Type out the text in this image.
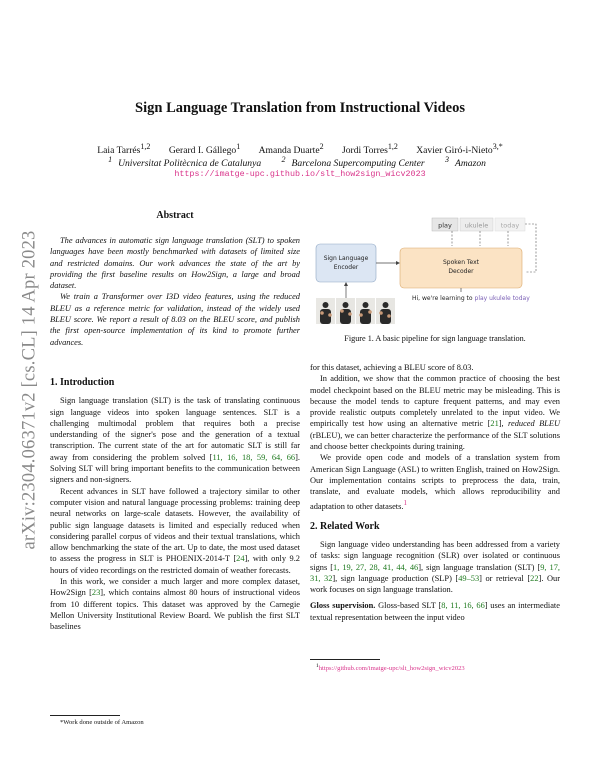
arXiv:2304.06371v2 [cs.CL] 14 Apr 2023
Sign Language Translation from Instructional Videos
Laia Tarrés$^{1,2}$ Gerard I. Gállego$^1$ Amanda Duarte$^2$ Jordi Torres$^{1,2}$ Xavier Giró-i-Nieto$^{3,*}$
$^1$ Universitat Politècnica de Catalunya	$^2$ Barcelona Supercomputing Center	$^3$ Amazon
https://imatge-upc.github.io/slt_how2sign_wicv2023
Abstract

The advances in automatic sign language translation (SLT) to spoken languages have been mostly benchmarked with datasets of limited size and restricted domains. Our work advances the state of the art by providing the first baseline results on How2Sign, a large and broad dataset.

We train a Transformer over I3D video features, using the reduced BLEU as a reference metric for validation, instead of the widely used BLEU score. We report a result of 8.03 on the BLEU score, and publish the first open-source implementation of its kind to promote further advances.

1. Introduction

Sign language translation (SLT) is the task of translating continuous sign language videos into spoken language sentences. SLT is a challenging multimodal problem that requires both a precise understanding of the signer's pose and the generation of a textual transcription. The current state of the art for automatic SLT is still far away from considering the problem solved [11, 16, 18, 59, 64, 66]. Solving SLT will bring important benefits to the communication between signers and non-signers.

Recent advances in SLT have followed a trajectory similar to other computer vision and natural language processing problems: training deep neural networks on large-scale datasets. However, the availability of public sign language datasets is limited and especially reduced when considering parallel corpus of videos and their textual translations, which allow benchmarking the state of the art. Up to date, the most used dataset to assess the progress in SLT is PHOENIX-2014-T [24], with only 9.2 hours of video recordings on the restricted domain of weather forecasts.

In this work, we consider a much larger and more complex dataset, How2Sign [23], which contains almost 80 hours of instructional videos from 10 different topics. This dataset was approved by the Carnegie Mellon University Institutional Review Board. We publish the first SLT baselines

*Work done outside of Amazon
play ukulele today
Sign Language
Encoder
Spoken Text
Decoder
Hi, we're learning to play ukulele today
Figure 1. A basic pipeline for sign language translation.

for this dataset, achieving a BLEU score of 8.03.

In addition, we show that the common practice of choosing the best model checkpoint based on the BLEU metric may be misleading. This is because the model tends to capture frequent patterns, and may even provide realistic outputs completely unrelated to the input video. We empirically test how using an alternative metric [21], reduced BLEU (rBLEU), we can better characterize the performance of the SLT solutions and choose better checkpoints during training.

We provide open code and models of a translation system from American Sign Language (ASL) to written English, trained on How2Sign. Our implementation contains scripts to preprocess the data, train, translate, and evaluate models, which allows reproducibility and adaptation to other datasets.$^1$

2. Related Work

Sign language video understanding has been addressed from a variety of tasks: sign language recognition (SLR) over isolated or continuous signs [1, 19, 27, 28, 41, 44, 46], sign language translation (SLT) [9, 17, 31, 32], sign language production (SLP) [49–53] or retrieval [22]. Our work focuses on sign language translation.

Gloss supervision. Gloss-based SLT [8, 11, 16, 66] uses an intermediate textual representation between the input video

$^1$https://github.com/imatge-upc/slt_how2sign_wicv2023
